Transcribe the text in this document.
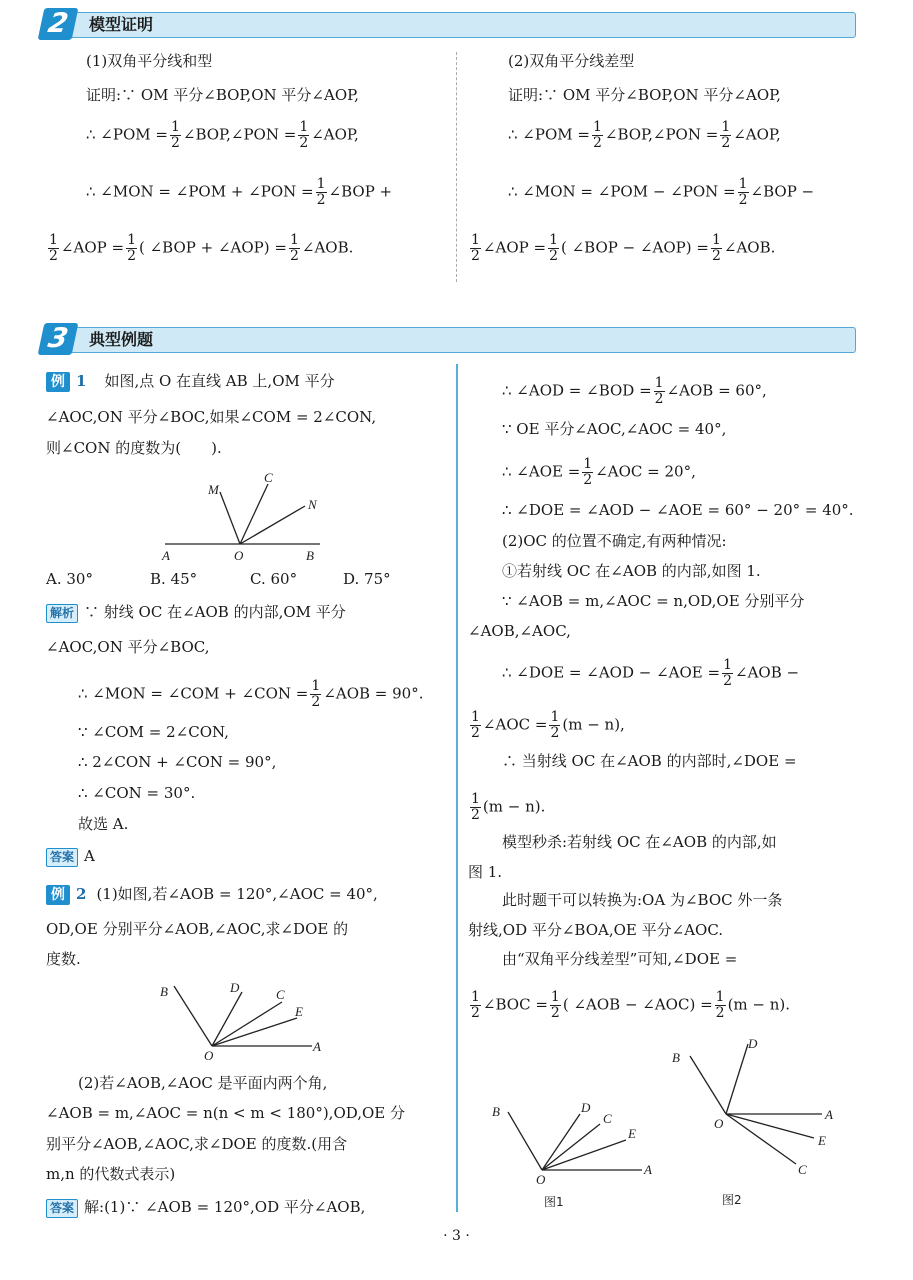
2	模型证明
(1)双角平分线和型
证明:∵ OM 平分∠BOP,ON 平分∠AOP,
∴ ∠POM = $\frac{1}{2}$ ∠BOP,∠PON = $\frac{1}{2}$ ∠AOP,
∴ ∠MON = ∠POM + ∠PON = $\frac{1}{2}$ ∠BOP +
$\frac{1}{2}$ ∠AOP = $\frac{1}{2}$ ( ∠BOP + ∠AOP) = $\frac{1}{2}$ ∠AOB.
(2)双角平分线差型
证明:∵ OM 平分∠BOP,ON 平分∠AOP,
∴ ∠POM = $\frac{1}{2}$ ∠BOP,∠PON = $\frac{1}{2}$ ∠AOP,
∴ ∠MON = ∠POM − ∠PON = $\frac{1}{2}$ ∠BOP −
$\frac{1}{2}$ ∠AOP = $\frac{1}{2}$ ( ∠BOP − ∠AOP) = $\frac{1}{2}$ ∠AOB.
3	典型例题
例 1 如图,点 O 在直线 AB 上,OM 平分
∠AOC,ON 平分∠BOC,如果∠COM = 2∠CON,
则∠CON 的度数为(　　).
M
C
N
A	O	B
A. 30°	B. 45°	C. 60°	D. 75°
解析 ∵ 射线 OC 在∠AOB 的内部,OM 平分
∠AOC,ON 平分∠BOC,
∴ ∠MON = ∠COM + ∠CON = $\frac{1}{2}$ ∠AOB = 90°.
∵ ∠COM = 2∠CON,
∴ 2∠CON + ∠CON = 90°,
∴ ∠CON = 30°.
故选 A.
答案 A
例 2 (1)如图,若∠AOB = 120°,∠AOC = 40°,
OD,OE 分别平分∠AOB,∠AOC,求∠DOE 的
度数.
B	D	C
E
O
A
(2)若∠AOB,∠AOC 是平面内两个角,
∠AOB = m,∠AOC = n(n < m < 180°),OD,OE 分
别平分∠AOB,∠AOC,求∠DOE 的度数.(用含
m,n 的代数式表示)
答案 解:(1)∵ ∠AOB = 120°,OD 平分∠AOB,
∴ ∠AOD = ∠BOD = $\frac{1}{2}$ ∠AOB = 60°,
∵ OE 平分∠AOC,∠AOC = 40°,
∴ ∠AOE = $\frac{1}{2}$ ∠AOC = 20°,
∴ ∠DOE = ∠AOD − ∠AOE = 60° − 20° = 40°.
(2)OC 的位置不确定,有两种情况:
①若射线 OC 在∠AOB 的内部,如图 1.
∵ ∠AOB = m,∠AOC = n,OD,OE 分别平分
∠AOB,∠AOC,
∴ ∠DOE = ∠AOD − ∠AOE = $\frac{1}{2}$ ∠AOB −
$\frac{1}{2}$ ∠AOC = $\frac{1}{2} (m - n)$,
∴ 当射线 OC 在∠AOB 的内部时,∠DOE =
$\frac{1}{2} (m - n)$.
模型秒杀:若射线 OC 在∠AOB 的内部,如
图 1.
此时题干可以转换为:OA 为∠BOC 外一条
射线,OD 平分∠BOA,OE 平分∠AOC.
由“双角平分线差型”可知,∠DOE =
$\frac{1}{2}$ ∠BOC = $\frac{1}{2}$ ( ∠AOB − ∠AOC) = $\frac{1}{2} (m - n)$.
B	D
C
E
O
A
图1
B
D
A
O
E
C
图2
· 3 ·
